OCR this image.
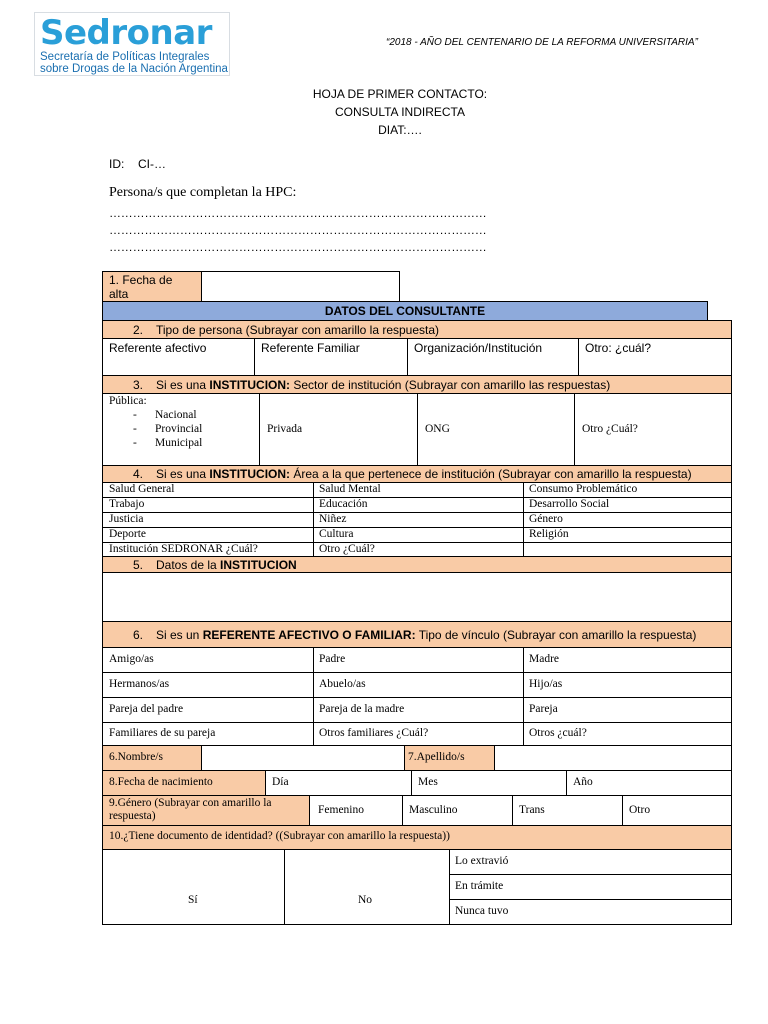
Sedronar
Secretaría de Políticas Integrales
sobre Drogas de la Nación Argentina
“2018 - AÑO DEL CENTENARIO DE LA REFORMA UNIVERSITARIA”
HOJA DE PRIMER CONTACTO:
CONSULTA INDIRECTA
DIAT:….
ID: CI-…
Persona/s que completan la HPC:
……………………………………………………………………………………
……………………………………………………………………………………
……………………………………………………………………………………
1. Fecha de
alta
DATOS DEL CONSULTANTE
2. Tipo de persona (Subrayar con amarillo la respuesta)
Referente afectivo	Referente Familiar	Organización/Institución	Otro: ¿cuál?
3. Si es una INSTITUCION: Sector de institución (Subrayar con amarillo las respuestas)
Pública:
- Nacional
- Provincial
- Municipal
Privada	ONG	Otro ¿Cuál?
4. Si es una INSTITUCION: Área a la que pertenece de institución (Subrayar con amarillo la respuesta)
Salud General	Salud Mental	Consumo Problemático
Trabajo	Educación	Desarrollo Social
Justicia	Niñez	Género
Deporte	Cultura	Religión
Institución SEDRONAR ¿Cuál?	Otro ¿Cuál?
5. Datos de la INSTITUCION
6. Si es un REFERENTE AFECTIVO O FAMILIAR: Tipo de vínculo (Subrayar con amarillo la respuesta)
Amigo/as	Padre	Madre
Hermanos/as	Abuelo/as	Hijo/as
Pareja del padre	Pareja de la madre	Pareja
Familiares de su pareja	Otros familiares ¿Cuál?	Otros ¿cuál?
6.Nombre/s	7.Apellido/s
8.Fecha de nacimiento	Día	Mes	Año
9.Género (Subrayar con amarillo la
respuesta)	Femenino	Masculino	Trans	Otro
10.¿Tiene documento de identidad? ((Subrayar con amarillo la respuesta))
Sí	No
Lo extravió
En trámite
Nunca tuvo
